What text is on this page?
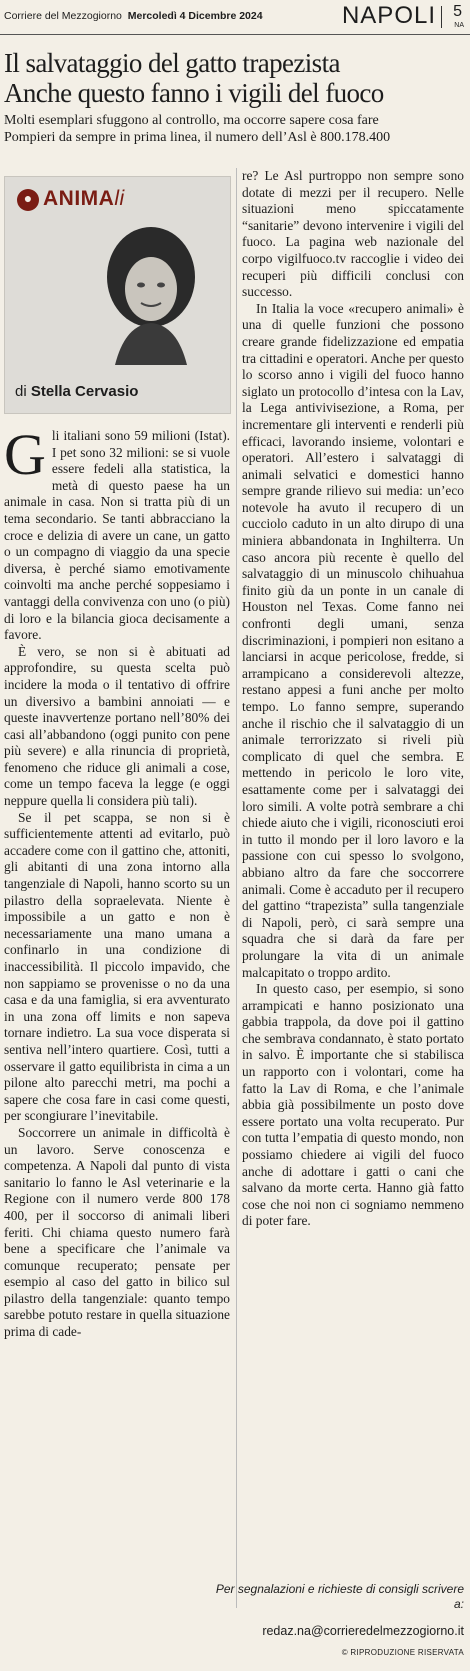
Corriere del Mezzogiorno Mercoledì 4 Dicembre 2024	NAPOLI 5
NA
Il salvataggio del gatto trapezista
Anche questo fanno i vigili del fuoco
Molti esemplari sfuggono al controllo, ma occorre sapere cosa fare
Pompieri da sempre in prima linea, il numero dell’Asl è 800.178.400
● ANIMAli
di Stella Cervasio

Gli italiani sono 59 milioni (Istat). I pet sono 32 milioni: se si vuole essere fedeli alla statistica, la metà di questo paese ha un animale in casa. Non si tratta più di un tema secondario. Se tanti abbracciano la croce e delizia di avere un cane, un gatto o un compagno di viaggio da una specie diversa, è perché siamo emotivamente coinvolti ma anche perché soppesiamo i vantaggi della convivenza con uno (o più) di loro e la bilancia gioca decisamente a favore.

È vero, se non si è abituati ad approfondire, su questa scelta può incidere la moda o il tentativo di offrire un diversivo a bambini annoiati — e queste inavvertenze portano nell’80% dei casi all’abbandono (oggi punito con pene più severe) e alla rinuncia di proprietà, fenomeno che riduce gli animali a cose, come un tempo faceva la legge (e oggi neppure quella li considera più tali).

Se il pet scappa, se non si è sufficientemente attenti ad evitarlo, può accadere come con il gattino che, attoniti, gli abitanti di una zona intorno alla tangenziale di Napoli, hanno scorto su un pilastro della sopraelevata. Niente è impossibile a un gatto e non è necessariamente una mano umana a confinarlo in una condizione di inaccessibilità. Il piccolo impavido, che non sappiamo se provenisse o no da una casa e da una famiglia, si era avventurato in una zona off limits e non sapeva tornare indietro. La sua voce disperata si sentiva nell’intero quartiere. Così, tutti a osservare il gatto equilibrista in cima a un pilone alto parecchi metri, ma pochi a sapere che cosa fare in casi come questi, per scongiurare l’inevitabile.

Soccorrere un animale in difficoltà è un lavoro. Serve conoscenza e competenza. A Napoli dal punto di vista sanitario lo fanno le Asl veterinarie e la Regione con il numero verde 800 178 400, per il soccorso di animali liberi feriti. Chi chiama questo numero farà bene a specificare che l’animale va comunque recuperato; pensate per esempio al caso del gatto in bilico sul pilastro della tangenziale: quanto tempo sarebbe potuto restare in quella situazione prima di cade-

re? Le Asl purtroppo non sempre sono dotate di mezzi per il recupero. Nelle situazioni meno spiccatamente “sanitarie” devono intervenire i vigili del fuoco. La pagina web nazionale del corpo vigilfuoco.tv raccoglie i video dei recuperi più difficili conclusi con successo.

In Italia la voce «recupero animali» è una di quelle funzioni che possono creare grande fidelizzazione ed empatia tra cittadini e operatori. Anche per questo lo scorso anno i vigili del fuoco hanno siglato un protocollo d’intesa con la Lav, la Lega antivivisezione, a Roma, per incrementare gli interventi e renderli più efficaci, lavorando insieme, volontari e operatori. All’estero i salvataggi di animali selvatici e domestici hanno sempre grande rilievo sui media: un’eco notevole ha avuto il recupero di un cucciolo caduto in un alto dirupo di una miniera abbandonata in Inghilterra. Un caso ancora più recente è quello del salvataggio di un minuscolo chihuahua finito giù da un ponte in un canale di Houston nel Texas. Come fanno nei confronti degli umani, senza discriminazioni, i pompieri non esitano a lanciarsi in acque pericolose, fredde, si arrampicano a considerevoli altezze, restano appesi a funi anche per molto tempo. Lo fanno sempre, superando anche il rischio che il salvataggio di un animale terrorizzato si riveli più complicato di quel che sembra. E mettendo in pericolo le loro vite, esattamente come per i salvataggi dei loro simili. A volte potrà sembrare a chi chiede aiuto che i vigili, riconosciuti eroi in tutto il mondo per il loro lavoro e la passione con cui spesso lo svolgono, abbiano altro da fare che soccorrere animali. Come è accaduto per il recupero del gattino “trapezista” sulla tangenziale di Napoli, però, ci sarà sempre una squadra che si darà da fare per prolungare la vita di un animale malcapitato o troppo ardito.

In questo caso, per esempio, si sono arrampicati e hanno posizionato una gabbia trappola, da dove poi il gattino che sembrava condannato, è stato portato in salvo. È importante che si stabilisca un rapporto con i volontari, come ha fatto la Lav di Roma, e che l’animale abbia già possibilmente un posto dove essere portato una volta recuperato. Pur con tutta l’empatia di questo mondo, non possiamo chiedere ai vigili del fuoco anche di adottare i gatti o cani che salvano da morte certa. Hanno già fatto cose che noi non ci sogniamo nemmeno di poter fare.

Per segnalazioni e richieste di consigli scrivere a:
redaz.na@corrieredelmezzogiorno.it
© RIPRODUZIONE RISERVATA
